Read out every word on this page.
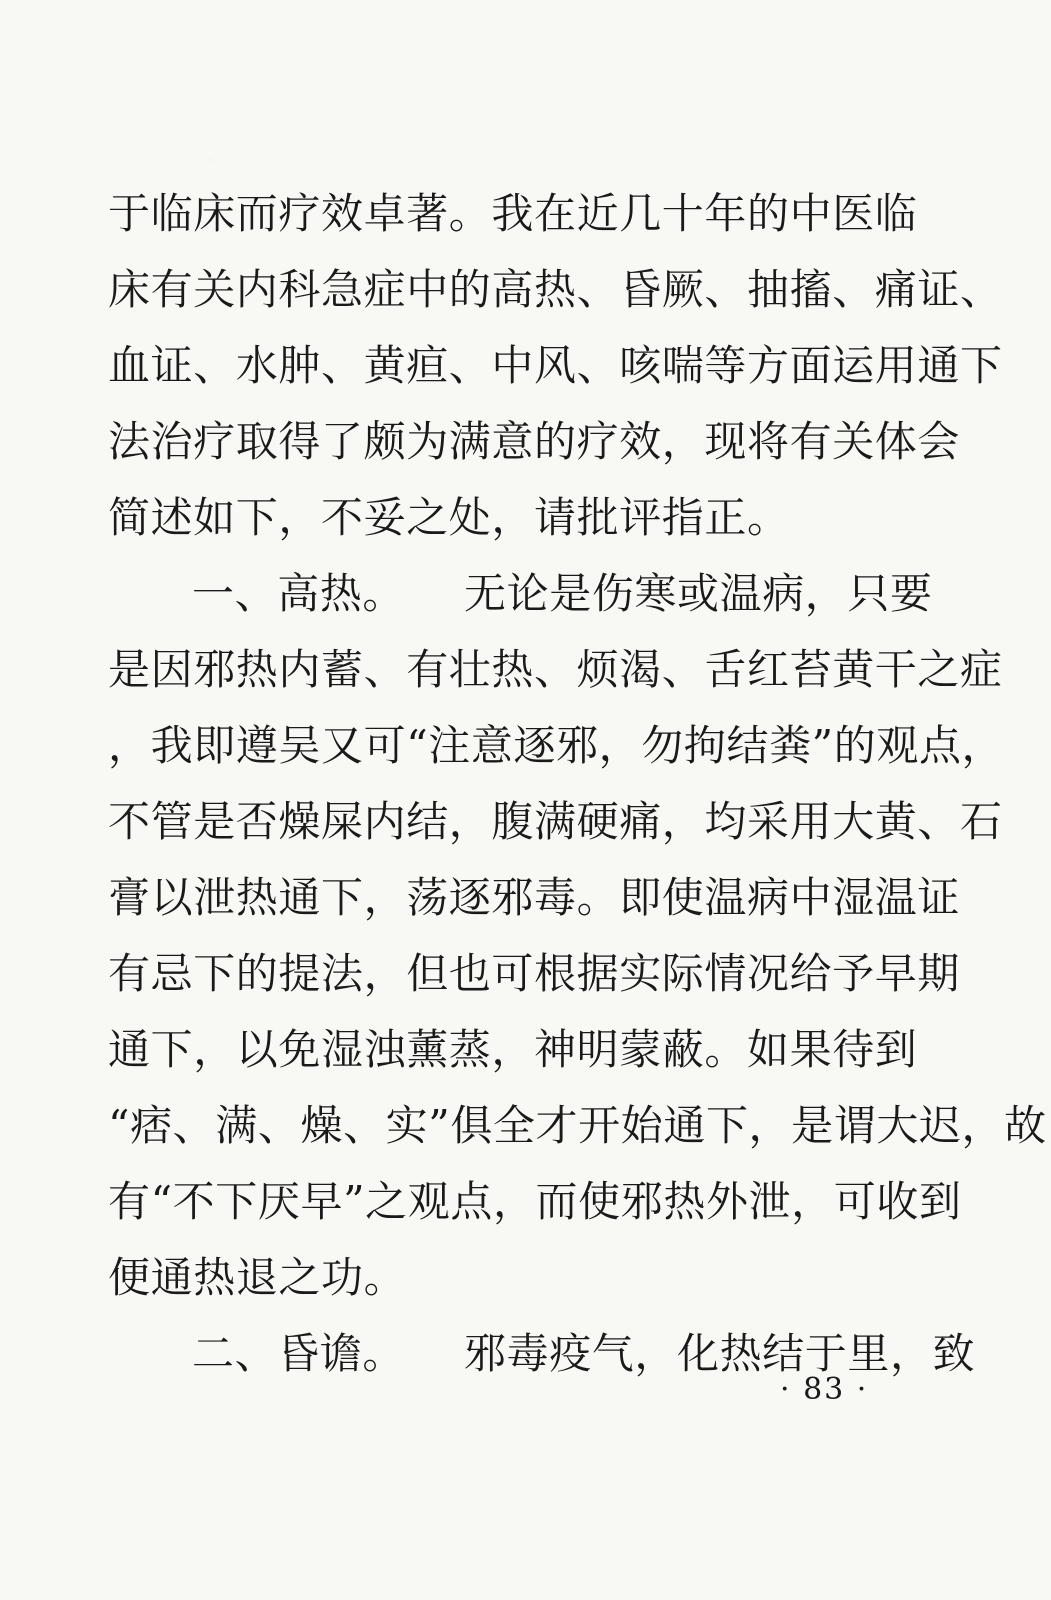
于临床而疗效卓著。我在近几十年的中医临
床有关内科急症中的高热、昏厥、抽搐、痛证、
血证、水肿、黄疸、中风、咳喘等方面运用通下
法治疗取得了颇为满意的疗效，现将有关体会
简述如下，不妥之处，请批评指正。
一、高热。 无论是伤寒或温病，只要
是因邪热内蓄、有壮热、烦渴、舌红苔黄干之症
，我即遵吴又可“注意逐邪，勿拘结粪”的观点，
不管是否燥屎内结，腹满硬痛，均采用大黄、石
膏以泄热通下，荡逐邪毒。即使温病中湿温证
有忌下的提法，但也可根据实际情况给予早期
通下，以免湿浊薰蒸，神明蒙蔽。如果待到
“痞、满、燥、实”俱全才开始通下，是谓大迟，故
有“不下厌早”之观点，而使邪热外泄，可收到
便通热退之功。
二、昏谵。 邪毒疫气，化热结于里，致
· 83 ·
